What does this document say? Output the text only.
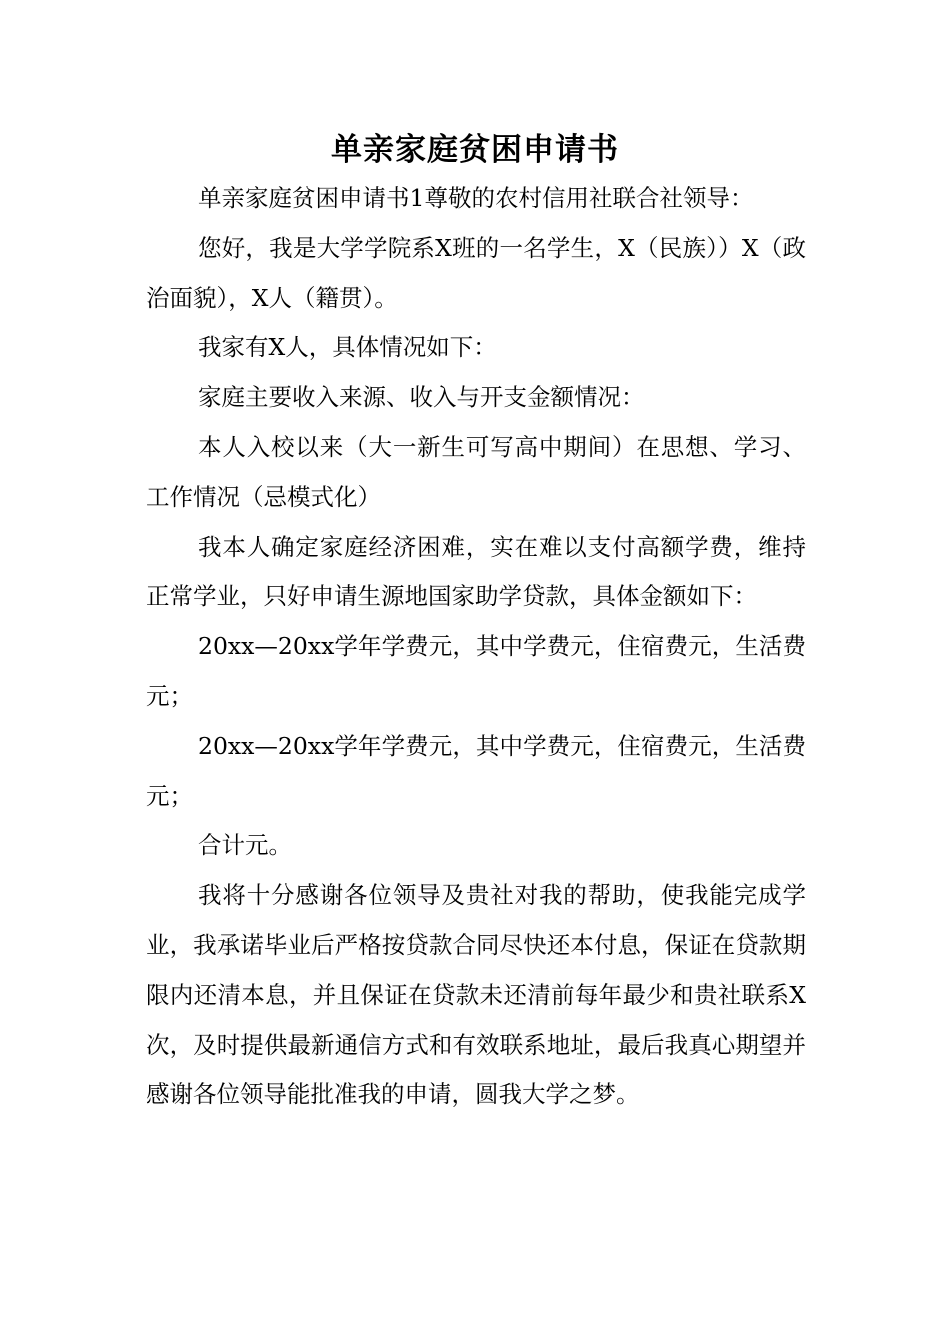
单亲家庭贫困申请书

单亲家庭贫困申请书1尊敬的农村信用社联合社领导：

您好，我是大学学院系X班的一名学生，X（民族））X（政治面貌），X人（籍贯）。

我家有X人，具体情况如下：

家庭主要收入来源、收入与开支金额情况：

本人入校以来（大一新生可写高中期间）在思想、学习、工作情况（忌模式化）

我本人确定家庭经济困难，实在难以支付高额学费，维持正常学业，只好申请生源地国家助学贷款，具体金额如下：

20xx—20xx学年学费元，其中学费元，住宿费元，生活费元；

20xx—20xx学年学费元，其中学费元，住宿费元，生活费元；

合计元。

我将十分感谢各位领导及贵社对我的帮助，使我能完成学业，我承诺毕业后严格按贷款合同尽快还本付息，保证在贷款期限内还清本息，并且保证在贷款未还清前每年最少和贵社联系X次，及时提供最新通信方式和有效联系地址，最后我真心期望并感谢各位领导能批准我的申请，圆我大学之梦。
